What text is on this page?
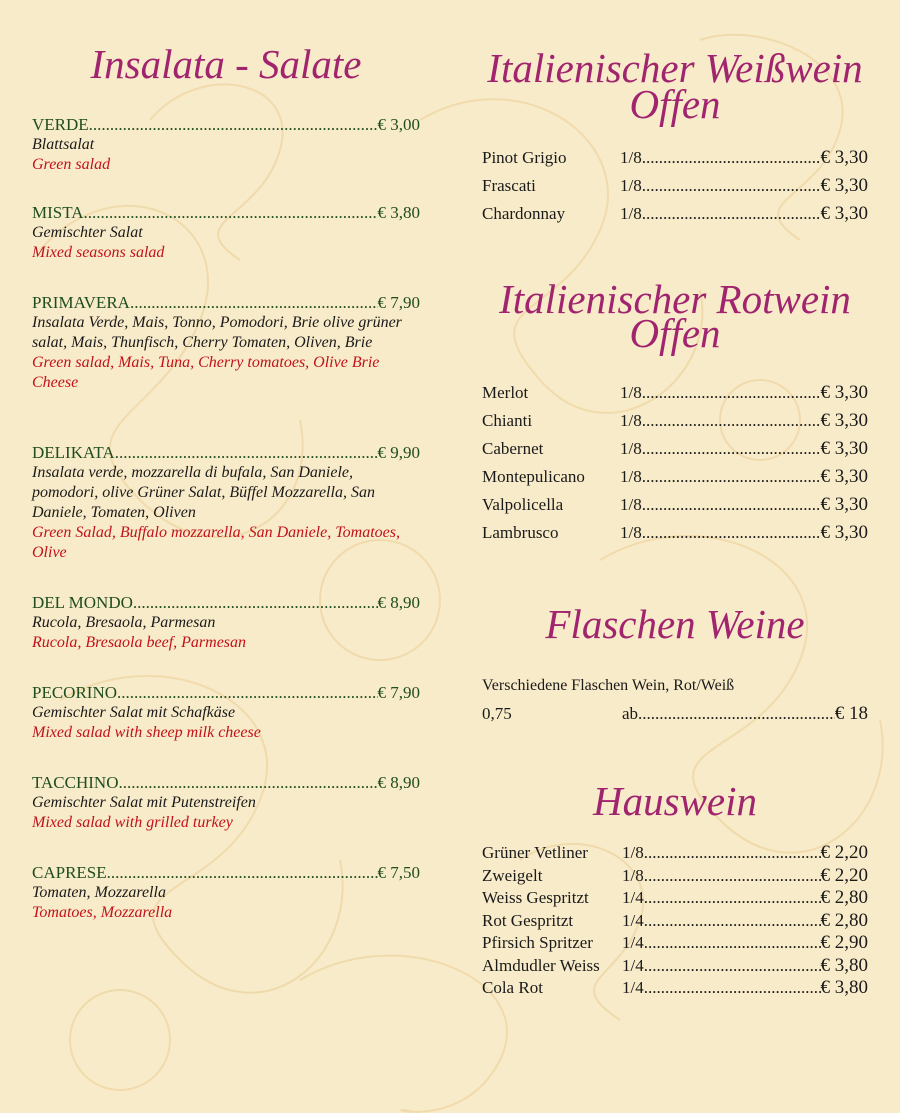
Insalata - Salate
VERDE .....	€ 3,00
Blattsalat
Green salad
MISTA .....	€ 3,80
Gemischter Salat
Mixed seasons salad
PRIMAVERA .....	€ 7,90
Insalata Verde, Mais, Tonno, Pomodori, Brie olive grüner salat, Mais, Thunfisch, Cherry Tomaten, Oliven, Brie
Green salad, Mais, Tuna, Cherry tomatoes, Olive Brie Cheese
DELIKATA .....	€ 9,90
Insalata verde, mozzarella di bufala, San Daniele, pomodori, olive Grüner Salat, Büffel Mozzarella, San Daniele, Tomaten, Oliven
Green Salad, Buffalo mozzarella, San Daniele, Tomatoes, Olive
DEL MONDO .....	€ 8,90
Rucola, Bresaola, Parmesan
Rucola, Bresaola beef, Parmesan
PECORINO .....	€ 7,90
Gemischter Salat mit Schafkäse
Mixed salad with sheep milk cheese
TACCHINO .....	€ 8,90
Gemischter Salat mit Putenstreifen
Mixed salad with grilled turkey
CAPRESE .....	€ 7,50
Tomaten, Mozzarella
Tomatoes, Mozzarella
Italienischer Weißwein
Offen
Pinot Grigio	1/8 .....	€ 3,30
Frascati	1/8 .....	€ 3,30
Chardonnay	1/8 .....	€ 3,30
Italienischer Rotwein
Offen
Merlot	1/8 .....	€ 3,30
Chianti	1/8 .....	€ 3,30
Cabernet	1/8 .....	€ 3,30
Montepulicano	1/8 .....	€ 3,30
Valpolicella	1/8 .....	€ 3,30
Lambrusco	1/8 .....	€ 3,30
Flaschen Weine
Verschiedene Flaschen Wein, Rot/Weiß
0,75	ab .....	€ 18
Hauswein
Grüner Vetliner	1/8 .....	€ 2,20
Zweigelt	1/8 .....	€ 2,20
Weiss Gespritzt	1/4 .....	€ 2,80
Rot Gespritzt	1/4 .....	€ 2,80
Pfirsich Spritzer	1/4 .....	€ 2,90
Almdudler Weiss	1/4 .....	€ 3,80
Cola Rot	1/4 .....	€ 3,80
